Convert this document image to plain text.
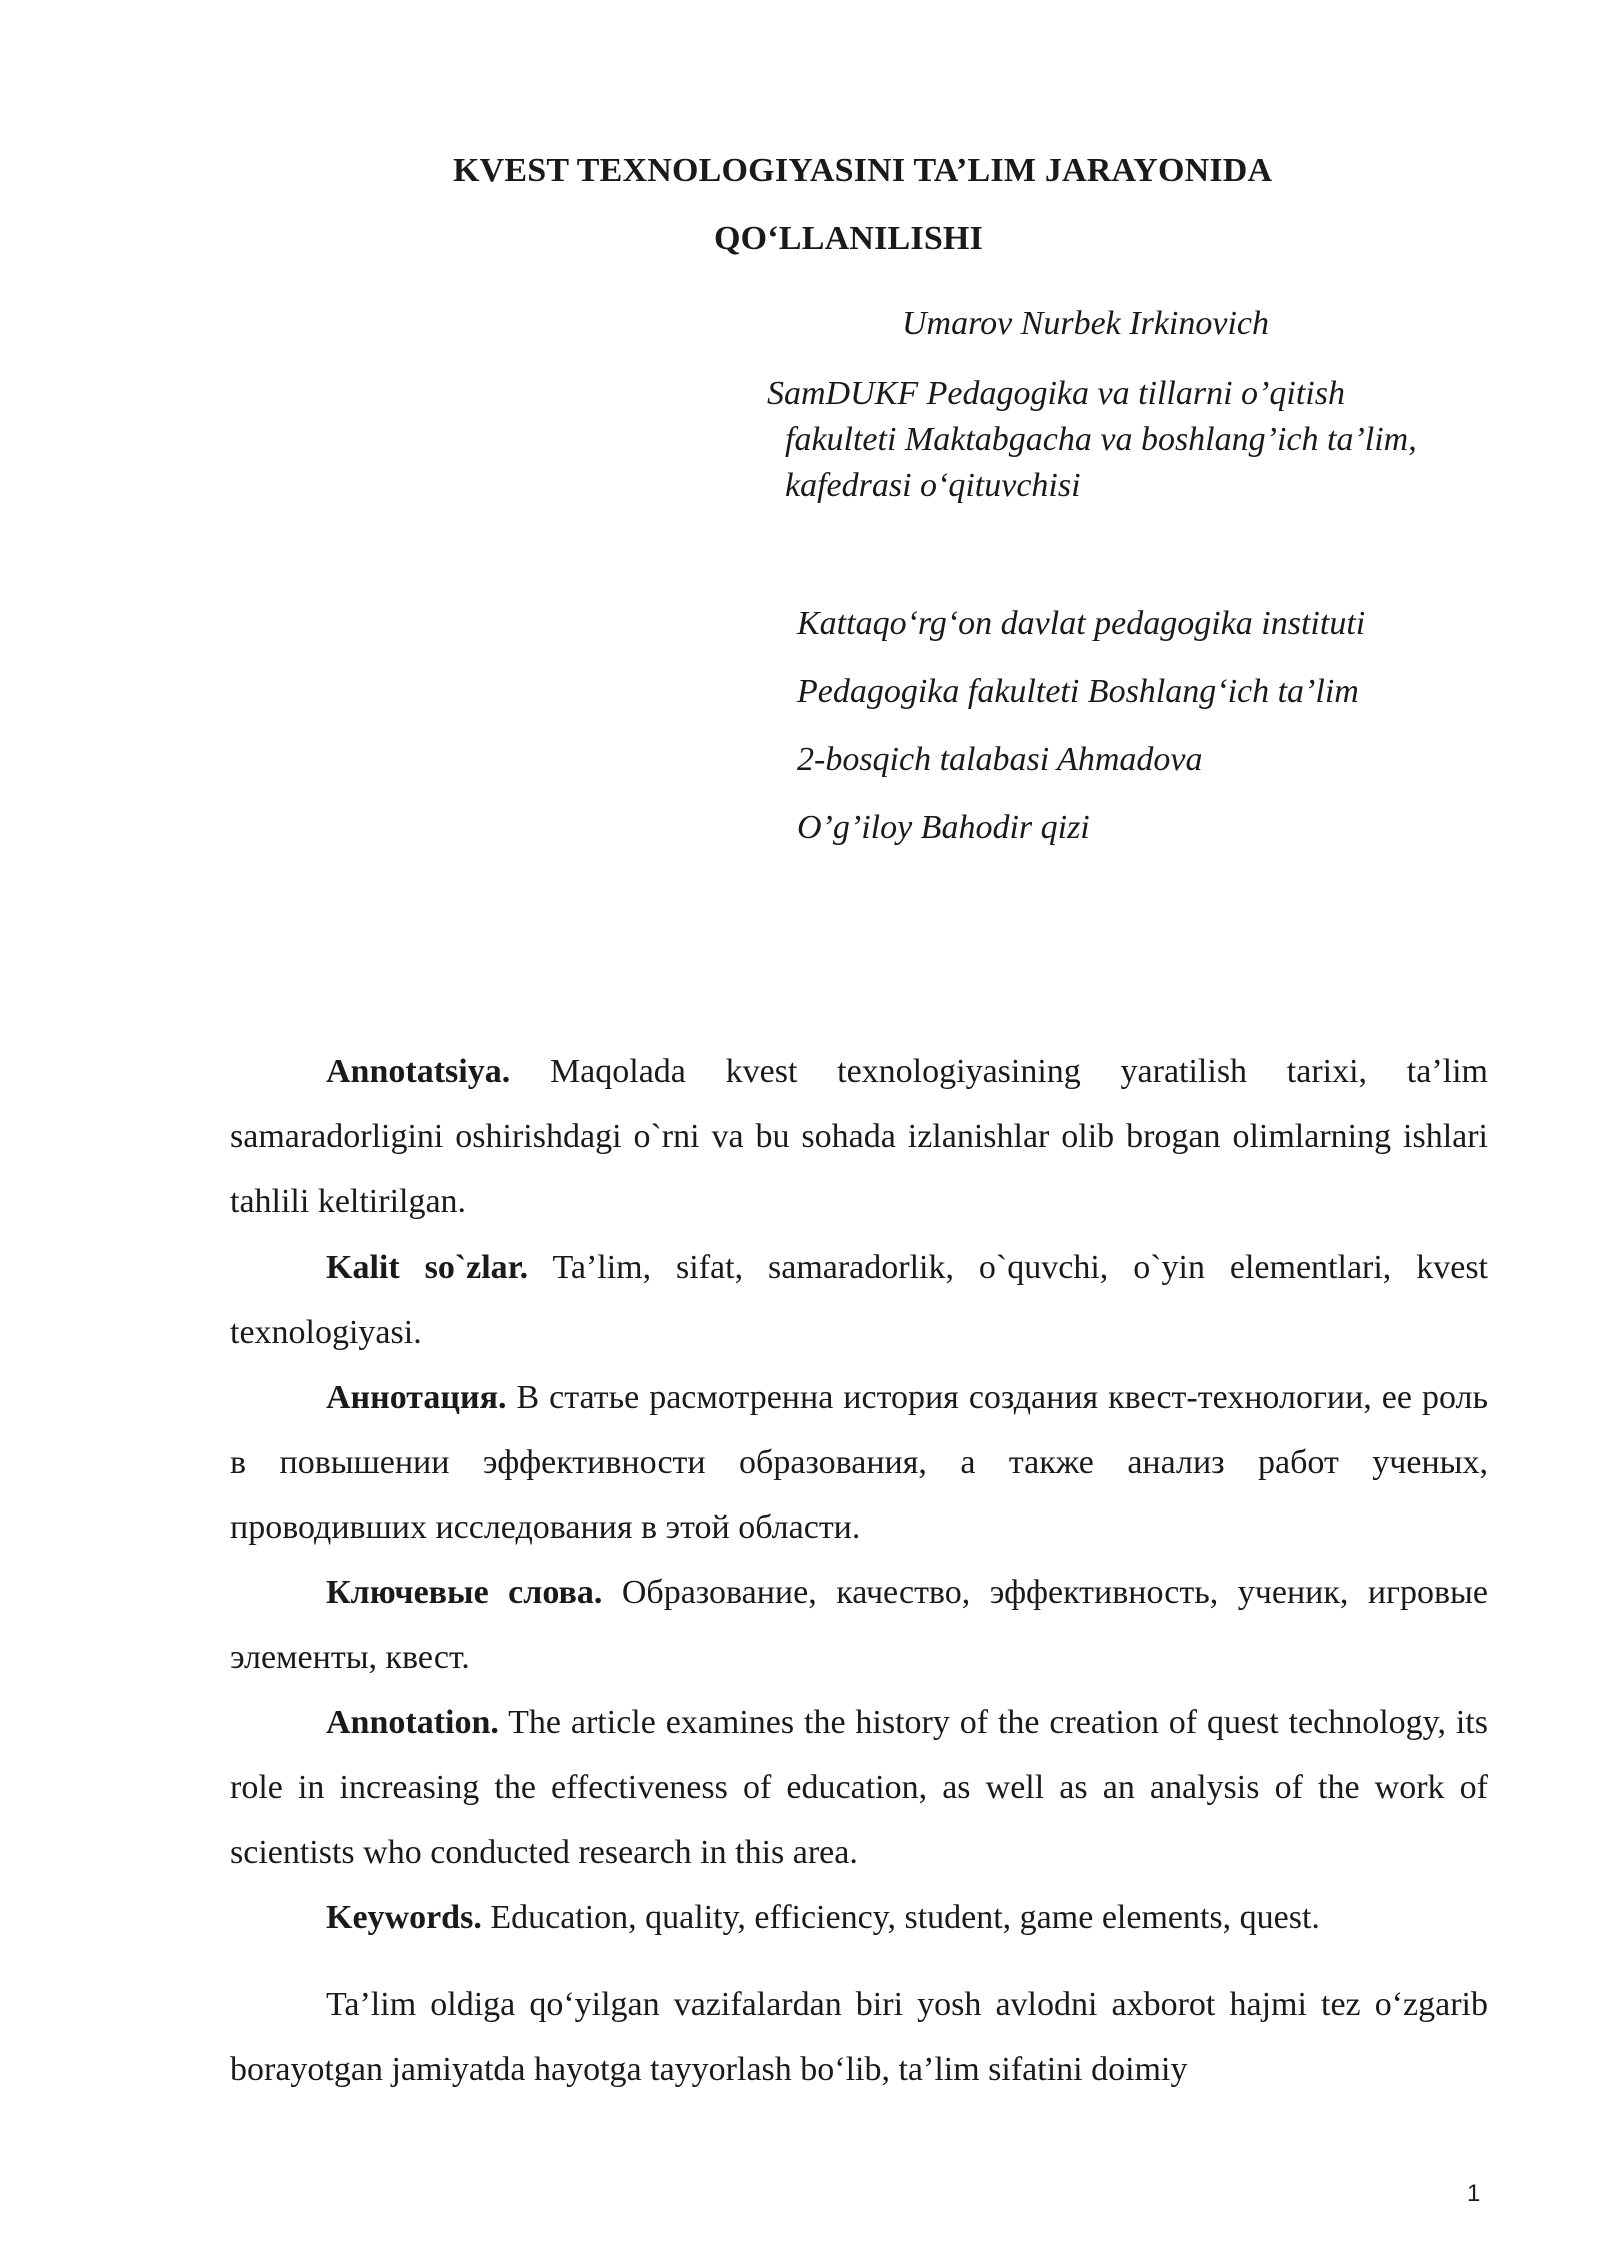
KVEST TEXNOLOGIYASINI TA’LIM JARAYONIDA
QO‘LLANILISHI
Umarov Nurbek Irkinovich
SamDUKF Pedagogika va tillarni o’qitish
fakulteti Maktabgacha va boshlang’ich ta’lim,
kafedrasi o‘qituvchisi
Kattaqo‘rg‘on davlat pedagogika instituti
Pedagogika fakulteti Boshlang‘ich ta’lim
2-bosqich talabasi Ahmadova
O’g’iloy Bahodir qizi

Annotatsiya. Maqolada kvest texnologiyasining yaratilish tarixi, ta’lim samaradorligini oshirishdagi o`rni va bu sohada izlanishlar olib brogan olimlarning ishlari tahlili keltirilgan.

Kalit so`zlar. Ta’lim, sifat, samaradorlik, o`quvchi, o`yin elementlari, kvest texnologiyasi.

Аннотация. В статье расмотренна история создания квест-технологии, ее роль в повышении эффективности образования, а также анализ работ ученых, проводивших исследования в этой области.

Ключевые слова. Образование, качество, эффективность, ученик, игровые элементы, квест.

Annotation. The article examines the history of the creation of quest technology, its role in increasing the effectiveness of education, as well as an analysis of the work of scientists who conducted research in this area.

Keywords. Education, quality, efficiency, student, game elements, quest.

Ta’lim oldiga qo‘yilgan vazifalardan biri yosh avlodni axborot hajmi tez o‘zgarib borayotgan jamiyatda hayotga tayyorlash bo‘lib, ta’lim sifatini doimiy

1
